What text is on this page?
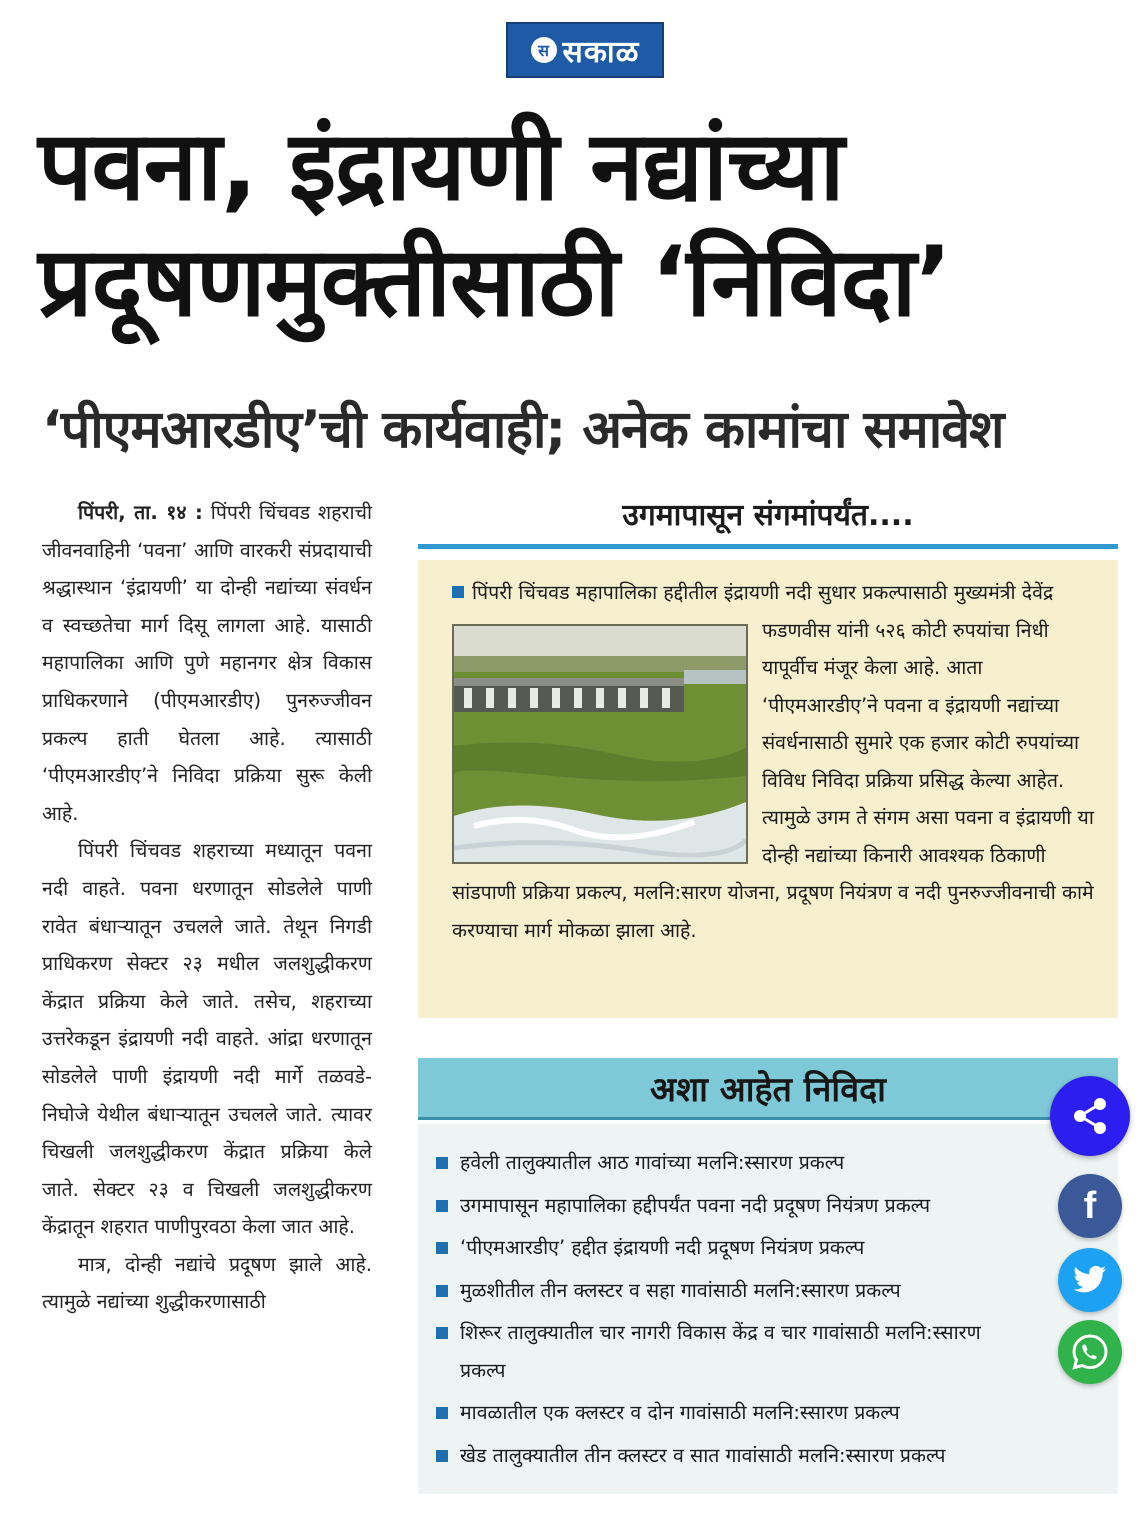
स सकाळ
पवना, इंद्रायणी नद्यांच्या
प्रदूषणमुक्तीसाठी ‘निविदा’
‘पीएमआरडीए’ची कार्यवाही; अनेक कामांचा समावेश

पिंपरी, ता. १४ : पिंपरी चिंचवड शहराची जीवनवाहिनी ‘पवना’ आणि वारकरी संप्रदायाची श्रद्धास्थान ‘इंद्रायणी’ या दोन्ही नद्यांच्या संवर्धन व स्वच्छतेचा मार्ग दिसू लागला आहे. यासाठी महापालिका आणि पुणे महानगर क्षेत्र विकास प्राधिकरणाने (पीएमआरडीए) पुनरुज्जीवन प्रकल्प हाती घेतला आहे. त्यासाठी ‘पीएमआरडीए’ने निविदा प्रक्रिया सुरू केली आहे.

पिंपरी चिंचवड शहराच्या मध्यातून पवना नदी वाहते. पवना धरणातून सोडलेले पाणी रावेत बंधाऱ्यातून उचलले जाते. तेथून निगडी प्राधिकरण सेक्टर २३ मधील जलशुद्धीकरण केंद्रात प्रक्रिया केले जाते. तसेच, शहराच्या उत्तरेकडून इंद्रायणी नदी वाहते. आंद्रा धरणातून सोडलेले पाणी इंद्रायणी नदी मार्गे तळवडे-निघोजे येथील बंधाऱ्यातून उचलले जाते. त्यावर चिखली जलशुद्धीकरण केंद्रात प्रक्रिया केले जाते. सेक्टर २३ व चिखली जलशुद्धीकरण केंद्रातून शहरात पाणीपुरवठा केला जात आहे.

मात्र, दोन्ही नद्यांचे प्रदूषण झाले आहे. त्यामुळे नद्यांच्या शुद्धीकरणासाठी

उगमापासून संगमांपर्यंत....

पिंपरी चिंचवड महापालिका हद्दीतील इंद्रायणी नदी सुधार प्रकल्पासाठी मुख्यमंत्री देवेंद्र फडणवीस यांनी ५२६ कोटी रुपयांचा निधी यापूर्वीच मंजूर केला आहे. आता ‘पीएमआरडीए’ने पवना व इंद्रायणी नद्यांच्या संवर्धनासाठी सुमारे एक हजार कोटी रुपयांच्या विविध निविदा प्रक्रिया प्रसिद्ध केल्या आहेत. त्यामुळे उगम ते संगम असा पवना व इंद्रायणी या दोन्ही नद्यांच्या किनारी आवश्यक ठिकाणी सांडपाणी प्रक्रिया प्रकल्प, मलनि:सारण योजना, प्रदूषण नियंत्रण व नदी पुनरुज्जीवनाची कामे करण्याचा मार्ग मोकळा झाला आहे.

अशा आहेत निविदा
हवेली तालुक्यातील आठ गावांच्या मलनि:स्सारण प्रकल्प
उगमापासून महापालिका हद्दीपर्यंत पवना नदी प्रदूषण नियंत्रण प्रकल्प
‘पीएमआरडीए’ हद्दीत इंद्रायणी नदी प्रदूषण नियंत्रण प्रकल्प
मुळशीतील तीन क्लस्टर व सहा गावांसाठी मलनि:स्सारण प्रकल्प
शिरूर तालुक्यातील चार नागरी विकास केंद्र व चार गावांसाठी मलनि:स्सारण प्रकल्प
मावळातील एक क्लस्टर व दोन गावांसाठी मलनि:स्सारण प्रकल्प
खेड तालुक्यातील तीन क्लस्टर व सात गावांसाठी मलनि:स्सारण प्रकल्प
f
